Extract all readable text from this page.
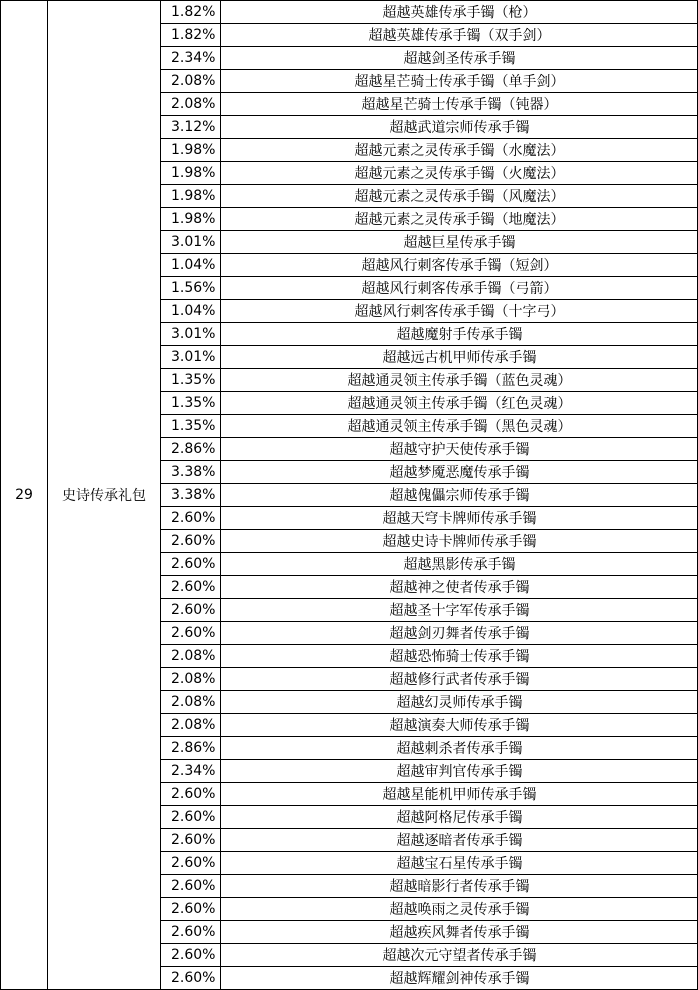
29	史诗传承礼包
1.82%	超越英雄传承手镯（枪）
1.82%	超越英雄传承手镯（双手剑）
2.34%	超越剑圣传承手镯
2.08%	超越星芒骑士传承手镯（单手剑）
2.08%	超越星芒骑士传承手镯（钝器）
3.12%	超越武道宗师传承手镯
1.98%	超越元素之灵传承手镯（水魔法）
1.98%	超越元素之灵传承手镯（火魔法）
1.98%	超越元素之灵传承手镯（风魔法）
1.98%	超越元素之灵传承手镯（地魔法）
3.01%	超越巨星传承手镯
1.04%	超越风行刺客传承手镯（短剑）
1.56%	超越风行刺客传承手镯（弓箭）
1.04%	超越风行刺客传承手镯（十字弓）
3.01%	超越魔射手传承手镯
3.01%	超越远古机甲师传承手镯
1.35%	超越通灵领主传承手镯（蓝色灵魂）
1.35%	超越通灵领主传承手镯（红色灵魂）
1.35%	超越通灵领主传承手镯（黑色灵魂）
2.86%	超越守护天使传承手镯
3.38%	超越梦魇恶魔传承手镯
3.38%	超越傀儡宗师传承手镯
2.60%	超越天穹卡牌师传承手镯
2.60%	超越史诗卡牌师传承手镯
2.60%	超越黑影传承手镯
2.60%	超越神之使者传承手镯
2.60%	超越圣十字军传承手镯
2.60%	超越剑刃舞者传承手镯
2.08%	超越恐怖骑士传承手镯
2.08%	超越修行武者传承手镯
2.08%	超越幻灵师传承手镯
2.08%	超越演奏大师传承手镯
2.86%	超越刺杀者传承手镯
2.34%	超越审判官传承手镯
2.60%	超越星能机甲师传承手镯
2.60%	超越阿格尼传承手镯
2.60%	超越逐暗者传承手镯
2.60%	超越宝石星传承手镯
2.60%	超越暗影行者传承手镯
2.60%	超越唤雨之灵传承手镯
2.60%	超越疾风舞者传承手镯
2.60%	超越次元守望者传承手镯
2.60%	超越辉耀剑神传承手镯
